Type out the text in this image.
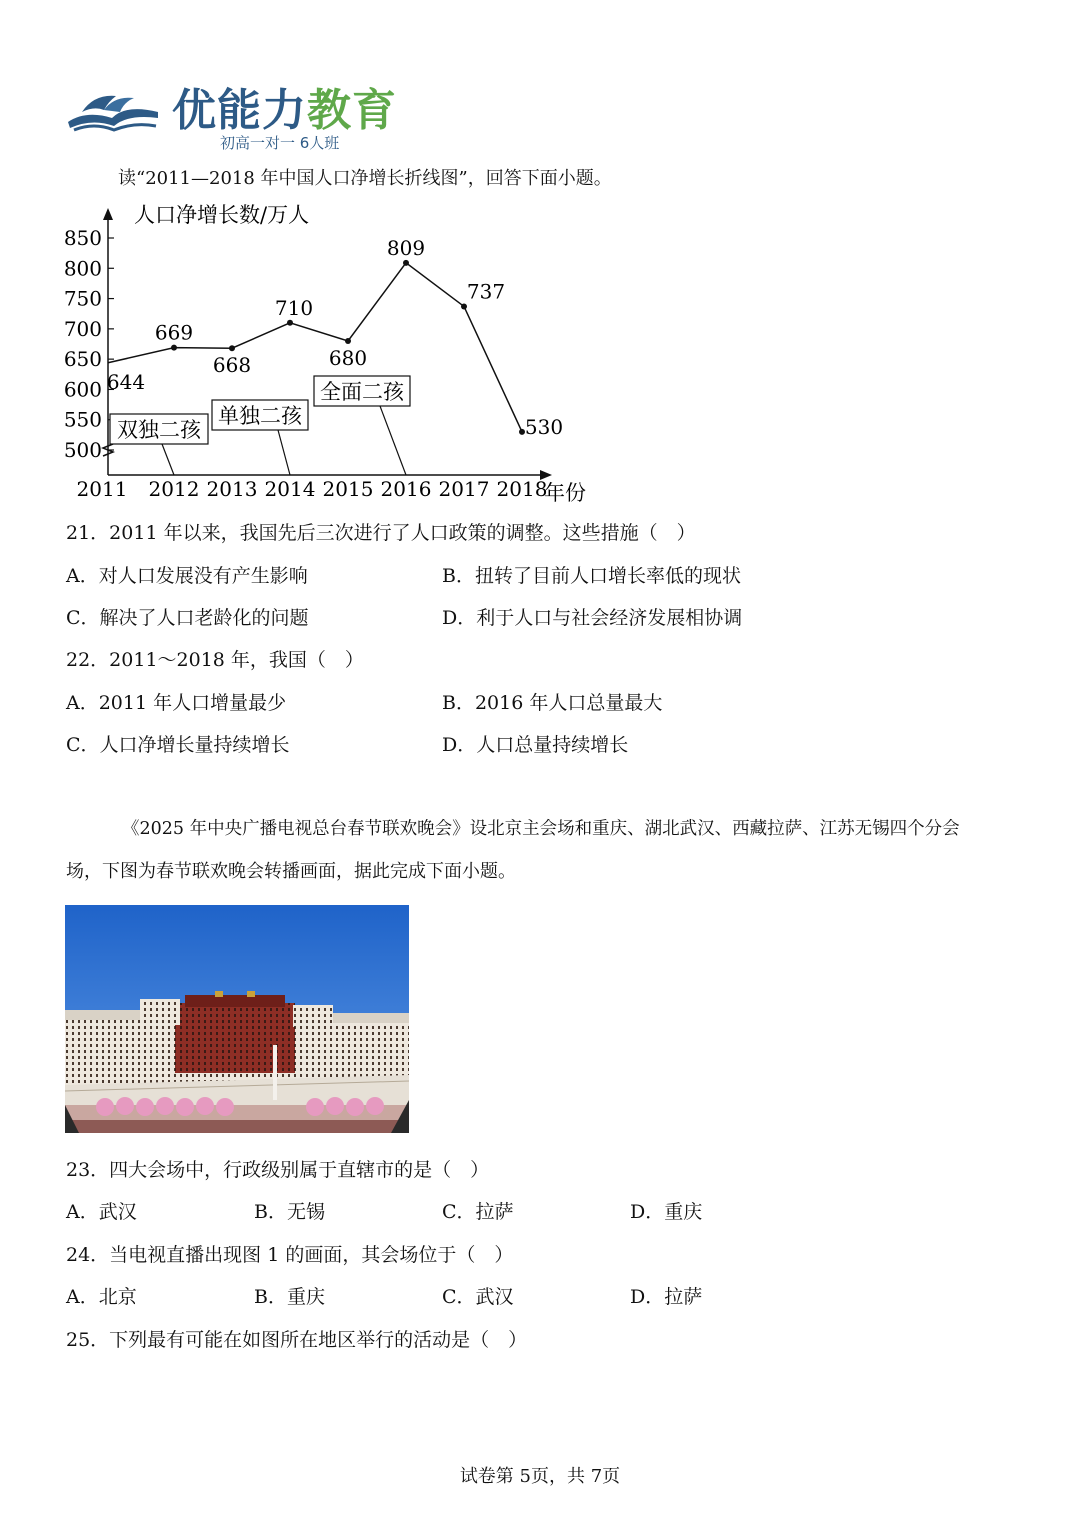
优能力教育
初高一对一 6人班
读“2011—2018 年中国人口净增长折线图”，回答下面小题。
500
550
600
650
700
750
800
850
人口净增长数/万人
年份
2011 2012 2013 2014 2015 2016 2017 2018
644
669
668
710
680
809
737
530
双独二孩
单独二孩
全面二孩
21．2011 年以来，我国先后三次进行了人口政策的调整。这些措施（　）
A．对人口发展没有产生影响	B．扭转了目前人口增长率低的现状
C．解决了人口老龄化的问题	D．利于人口与社会经济发展相协调
22．2011～2018 年，我国（　）
A．2011 年人口增量最少	B．2016 年人口总量最大
C．人口净增长量持续增长	D．人口总量持续增长
《2025 年中央广播电视总台春节联欢晚会》设北京主会场和重庆、湖北武汉、西藏拉萨、江苏无锡四个分会
场，下图为春节联欢晚会转播画面，据此完成下面小题。
23．四大会场中，行政级别属于直辖市的是（　）
A．武汉	B．无锡	C．拉萨	D．重庆
24．当电视直播出现图 1 的画面，其会场位于（　）
A．北京	B．重庆	C．武汉	D．拉萨
25．下列最有可能在如图所在地区举行的活动是（　）
试卷第 5页，共 7页
